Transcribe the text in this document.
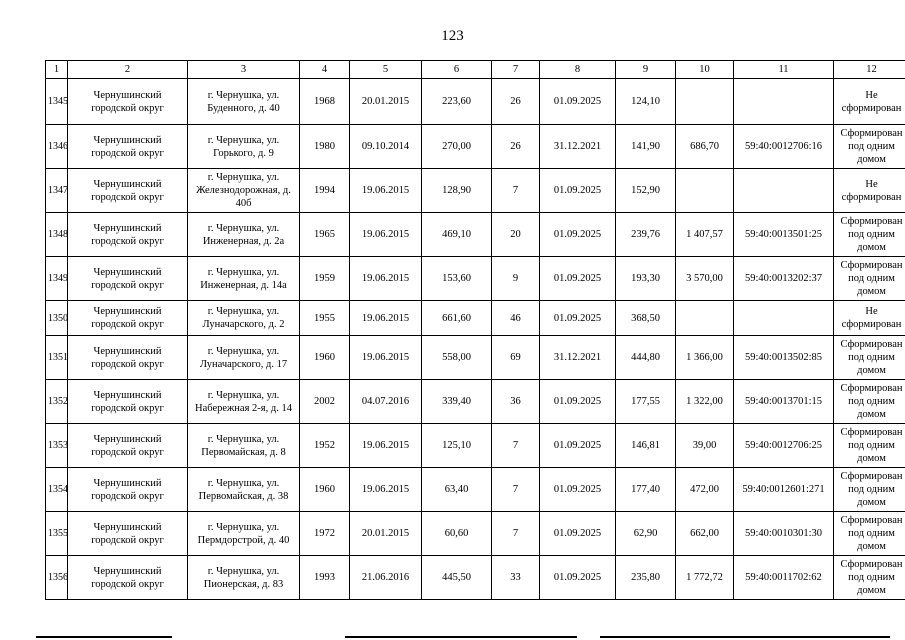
123
1	2	3	4	5	6	7	8	9	10	11	12
1345	Чернушинский городской округ	г. Чернушка, ул. Буденного, д. 40	1968	20.01.2015	223,60	26	01.09.2025	124,10			Не сформирован
1346	Чернушинский городской округ	г. Чернушка, ул. Горького, д. 9	1980	09.10.2014	270,00	26	31.12.2021	141,90	686,70	59:40:0012706:16	Сформирован под одним домом
1347	Чернушинский городской округ	г. Чернушка, ул. Железнодорожная, д. 40б	1994	19.06.2015	128,90	7	01.09.2025	152,90			Не сформирован
1348	Чернушинский городской округ	г. Чернушка, ул. Инженерная, д. 2а	1965	19.06.2015	469,10	20	01.09.2025	239,76	1 407,57	59:40:0013501:25	Сформирован под одним домом
1349	Чернушинский городской округ	г. Чернушка, ул. Инженерная, д. 14а	1959	19.06.2015	153,60	9	01.09.2025	193,30	3 570,00	59:40:0013202:37	Сформирован под одним домом
1350	Чернушинский городской округ	г. Чернушка, ул. Луначарского, д. 2	1955	19.06.2015	661,60	46	01.09.2025	368,50			Не сформирован
1351	Чернушинский городской округ	г. Чернушка, ул. Луначарского, д. 17	1960	19.06.2015	558,00	69	31.12.2021	444,80	1 366,00	59:40:0013502:85	Сформирован под одним домом
1352	Чернушинский городской округ	г. Чернушка, ул. Набережная 2-я, д. 14	2002	04.07.2016	339,40	36	01.09.2025	177,55	1 322,00	59:40:0013701:15	Сформирован под одним домом
1353	Чернушинский городской округ	г. Чернушка, ул. Первомайская, д. 8	1952	19.06.2015	125,10	7	01.09.2025	146,81	39,00	59:40:0012706:25	Сформирован под одним домом
1354	Чернушинский городской округ	г. Чернушка, ул. Первомайская, д. 38	1960	19.06.2015	63,40	7	01.09.2025	177,40	472,00	59:40:0012601:271	Сформирован под одним домом
1355	Чернушинский городской округ	г. Чернушка, ул. Пермдорстрой, д. 40	1972	20.01.2015	60,60	7	01.09.2025	62,90	662,00	59:40:0010301:30	Сформирован под одним домом
1356	Чернушинский городской округ	г. Чернушка, ул. Пионерская, д. 83	1993	21.06.2016	445,50	33	01.09.2025	235,80	1 772,72	59:40:0011702:62	Сформирован под одним домом
